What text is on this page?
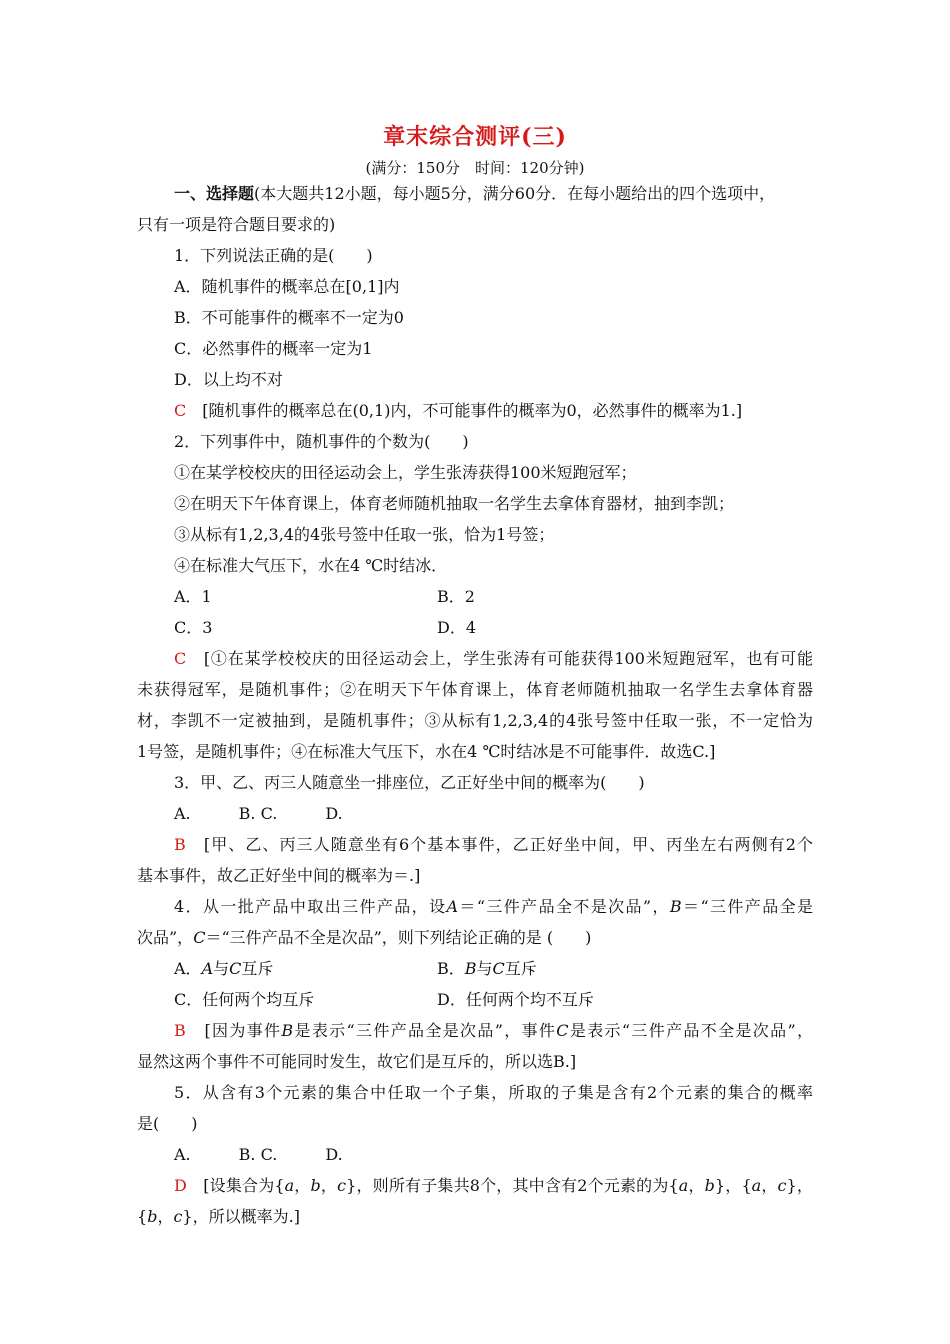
章末综合测评(三)
(满分：150分　时间：120分钟)
一、选择题(本大题共12小题，每小题5分，满分60分．在每小题给出的四个选项中，
只有一项是符合题目要求的)
1．下列说法正确的是(　　)
A．随机事件的概率总在[0,1]内
B．不可能事件的概率不一定为0
C．必然事件的概率一定为1
D．以上均不对
C　 [随机事件的概率总在(0,1)内，不可能事件的概率为0，必然事件的概率为1.]
2．下列事件中，随机事件的个数为(　　)
①在某学校校庆的田径运动会上，学生张涛获得100米短跑冠军；
②在明天下午体育课上，体育老师随机抽取一名学生去拿体育器材，抽到李凯；
③从标有1,2,3,4的4张号签中任取一张，恰为1号签；
④在标准大气压下，水在4 ℃时结冰．
A．1	B．2
C．3	D．4
C　 [①在某学校校庆的田径运动会上，学生张涛有可能获得100米短跑冠军，也有可能
未获得冠军，是随机事件；②在明天下午体育课上，体育老师随机抽取一名学生去拿体育器
材，李凯不一定被抽到，是随机事件；③从标有1,2,3,4的4张号签中任取一张，不一定恰为
1号签，是随机事件；④在标准大气压下，水在4 ℃时结冰是不可能事件．故选C.]
3．甲、乙、丙三人随意坐一排座位，乙正好坐中间的概率为(　　)
A.　　　B. C.　　　D.
B　 [甲、乙、丙三人随意坐有6个基本事件，乙正好坐中间，甲、丙坐左右两侧有2个
基本事件，故乙正好坐中间的概率为＝.]
4．从一批产品中取出三件产品，设A＝“三件产品全不是次品”，B＝“三件产品全是
次品”，C＝“三件产品不全是次品”，则下列结论正确的是 (　　)
A．A与C互斥	B．B与C互斥
C．任何两个均互斥	D．任何两个均不互斥
B　 [因为事件B是表示“三件产品全是次品”，事件C是表示“三件产品不全是次品”，
显然这两个事件不可能同时发生，故它们是互斥的，所以选B.]
5．从含有3个元素的集合中任取一个子集，所取的子集是含有2个元素的集合的概率
是(　　)
A.　　　B. C.　　　D.
D　 [设集合为{a，b，c}，则所有子集共8个，其中含有2个元素的为{a，b}，{a，c}，
{b，c}，所以概率为.]
